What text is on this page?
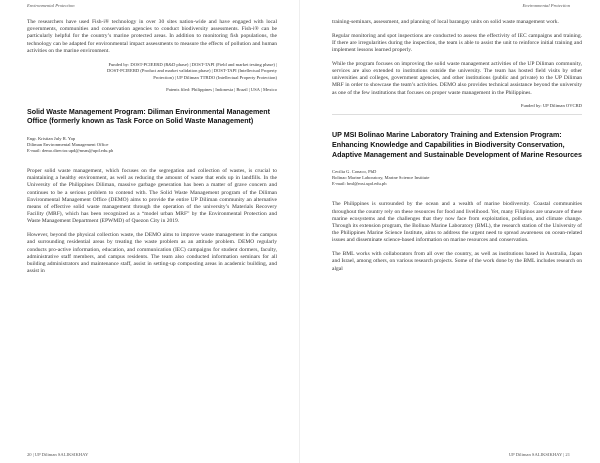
Environmental Protection

The researchers have used Fish-i® technology in over 30 sites nation-wide and have engaged with local governments, communities and conservation agencies to conduct biodiversity assessments. Fish-i® can be particularly helpful for the country’s marine protected areas. In addition to monitoring fish populations, the technology can be adapted for environmental impact assessments to measure the effects of pollution and human activities on the marine environment.

Funded by: DOST-PCIEERD (R&D phase) | DOST-TAPI (Field and market testing phase) |
DOST-PCIEERD (Product and market validation phase) | DOST-TAPI (Intellectual Property
Protection) | UP Diliman TTBDO (Intellectual Property Protection)
Patents filed: Philippines | Indonesia | Brazil | USA | Mexico
Solid Waste Management Program: Diliman Environmental Management Office (formerly known as Task Force on Solid Waste Management)
Engr. Kristian July R. Yap
Diliman Environmental Management Office
E-mail: demo.director.upd@msm@upd.edu.ph

Proper solid waste management, which focuses on the segregation and collection of wastes, is crucial to maintaining a healthy environment, as well as reducing the amount of waste that ends up in landfills. In the University of the Philippines Diliman, massive garbage generation has been a matter of grave concern and continues to be a serious problem to contend with. The Solid Waste Management program of the Diliman Environmental Management Office (DEMO) aims to provide the entire UP Diliman community an alternative means of effective solid waste management through the operation of the university’s Materials Recovery Facility (MRF), which has been recognized as a “model urban MRF” by the Environmental Protection and Waste Management Department (EPWMD) of Quezon City in 2019.

However, beyond the physical collection waste, the DEMO aims to improve waste management in the campus and surrounding residential areas by treating the waste problem as an attitude problem. DEMO regularly conducts pro-active information, education, and communication (IEC) campaigns for student dormers, faculty, administrative staff members, and campus residents. The team also conducted information seminars for all building administrators and maintenance staff, assist in setting-up composting areas in academic building, and assist in

20 | UP Diliman SALIKSIKHAY
Environmental Protection

training-seminars, assessment, and planning of local barangay units on solid waste management work.

Regular monitoring and spot inspections are conducted to assess the effectivity of IEC campaigns and training. If there are irregularities during the inspection, the team is able to assist the unit to reinforce initial training and implement lessons learned properly.

While the program focuses on improving the solid waste management activities of the UP Diliman community, services are also extended to institutions outside the university. The team has hosted field visits by other universities and colleges, government agencies, and other institutions (public and private) to the UP Diliman MRF in order to showcase the team’s activities. DEMO also provides technical assistance beyond the university as one of the few institutions that focuses on proper waste management in the Philippines.

Funded by: UP Diliman OVCRD
UP MSI Bolinao Marine Laboratory Training and Extension Program: Enhancing Knowledge and Capabilities in Biodiversity Conservation, Adaptive Management and Sustainable Development of Marine Resources
Cecilia G. Conaco, PhD
Bolinao Marine Laboratory, Marine Science Institute
E-mail: bml@msi.upd.edu.ph

The Philippines is surrounded by the ocean and a wealth of marine biodiversity. Coastal communities throughout the country rely on these resources for food and livelihood. Yet, many Filipinos are unaware of these marine ecosystems and the challenges that they now face from exploitation, pollution, and climate change. Through its extension program, the Bolinao Marine Laboratory (BML), the research station of the University of the Philippines Marine Science Institute, aims to address the urgent need to spread awareness on ocean-related issues and disseminate science-based information on marine resources and conservation.

The BML works with collaborators from all over the country, as well as institutions based in Australia, Japan and Israel, among others, on various research projects. Some of the work done by the BML includes research on algal

UP Diliman SALIKSIKHAY | 21
